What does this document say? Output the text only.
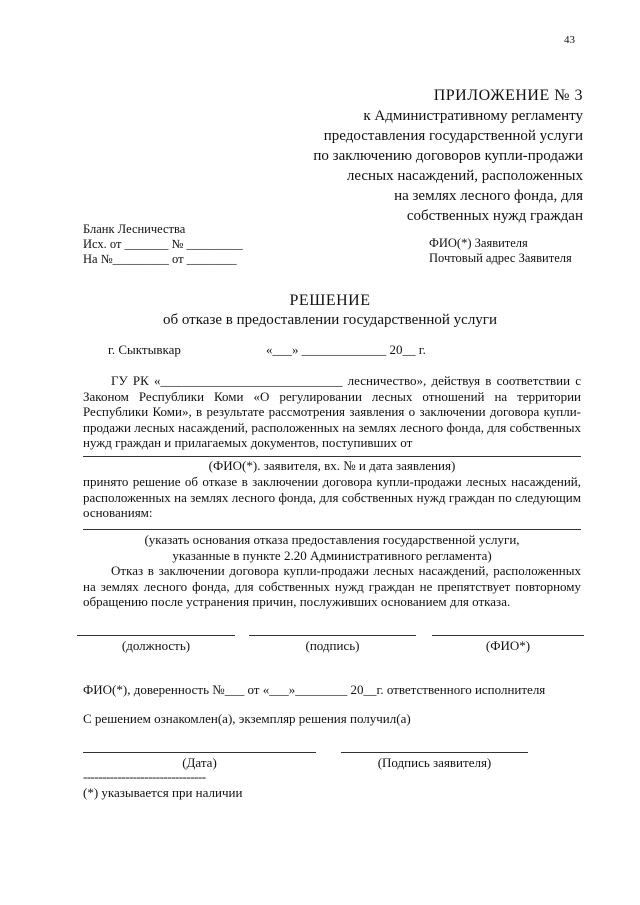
43
ПРИЛОЖЕНИЕ № 3
к Административному регламенту
предоставления государственной услуги
по заключению договоров купли-продажи
лесных насаждений, расположенных
на землях лесного фонда, для
собственных нужд граждан
Бланк Лесничества
Исх. от _______ № _________
На №_________ от ________
ФИО(*) Заявителя
Почтовый адрес Заявителя
РЕШЕНИЕ
об отказе в предоставлении государственной услуги
г. Сыктывкар	«___» _____________ 20__ г.
ГУ РК «____________________________ лесничество», действуя в соответствии с Законом Республики Коми «О регулировании лесных отношений на территории Республики Коми», в результате рассмотрения заявления о заключении договора купли-продажи лесных насаждений, расположенных на землях лесного фонда, для собственных нужд граждан и прилагаемых документов, поступивших от
(ФИО(*). заявителя, вх. № и дата заявления)
принято решение об отказе в заключении договора купли-продажи лесных насаждений, расположенных на землях лесного фонда, для собственных нужд граждан по следующим основаниям:
(указать основания отказа предоставления государственной услуги,
указанные в пункте 2.20 Административного регламента)
Отказ в заключении договора купли-продажи лесных насаждений, расположенных на землях лесного фонда, для собственных нужд граждан не препятствует повторному обращению после устранения причин, послуживших основанием для отказа.
(должность)	(подпись)	(ФИО*)
ФИО(*), доверенность №___ от «___»________ 20__г. ответственного исполнителя
С решением ознакомлен(а), экземпляр решения получил(а)
(Дата)	(Подпись заявителя)
--------------------------------
(*) указывается при наличии
